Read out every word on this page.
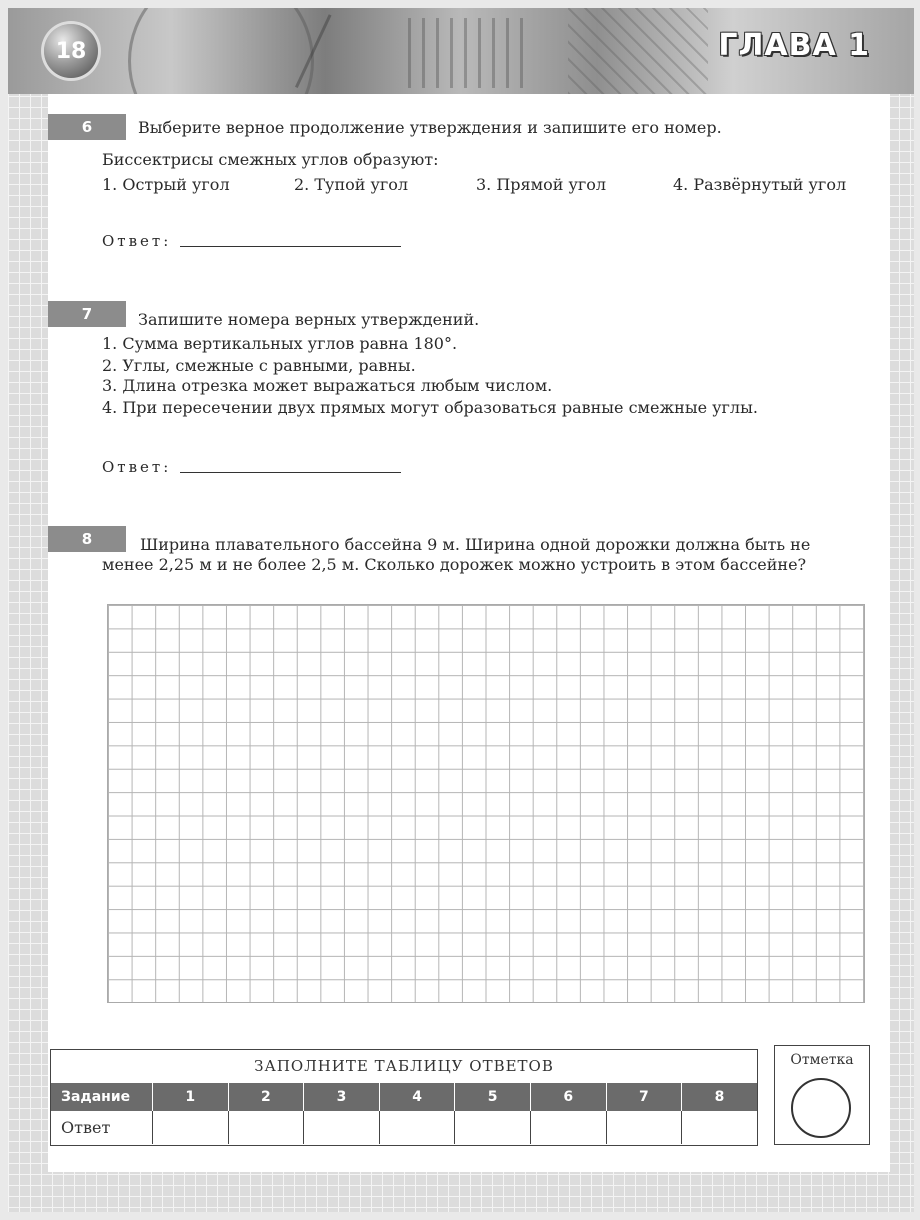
18	ГЛАВА 1
6	Выберите верное продолжение утверждения и запишите его номер.
Биссектрисы смежных углов образуют:
1. Острый угол	2. Тупой угол	3. Прямой угол	4. Развёрнутый угол
Ответ:
7	Запишите номера верных утверждений.
1. Сумма вертикальных углов равна 180°.
2. Углы, смежные с равными, равны.
3. Длина отрезка может выражаться любым числом.
4. При пересечении двух прямых могут образоваться равные смежные углы.
Ответ:
8	Ширина плавательного бассейна 9 м. Ширина одной дорожки должна быть не
менее 2,25 м и не более 2,5 м. Сколько дорожек можно устроить в этом бассейне?
ЗАПОЛНИТЕ ТАБЛИЦУ ОТВЕТОВ
Задание	1	2	3	4	5	6	7	8
Ответ
Отметка
